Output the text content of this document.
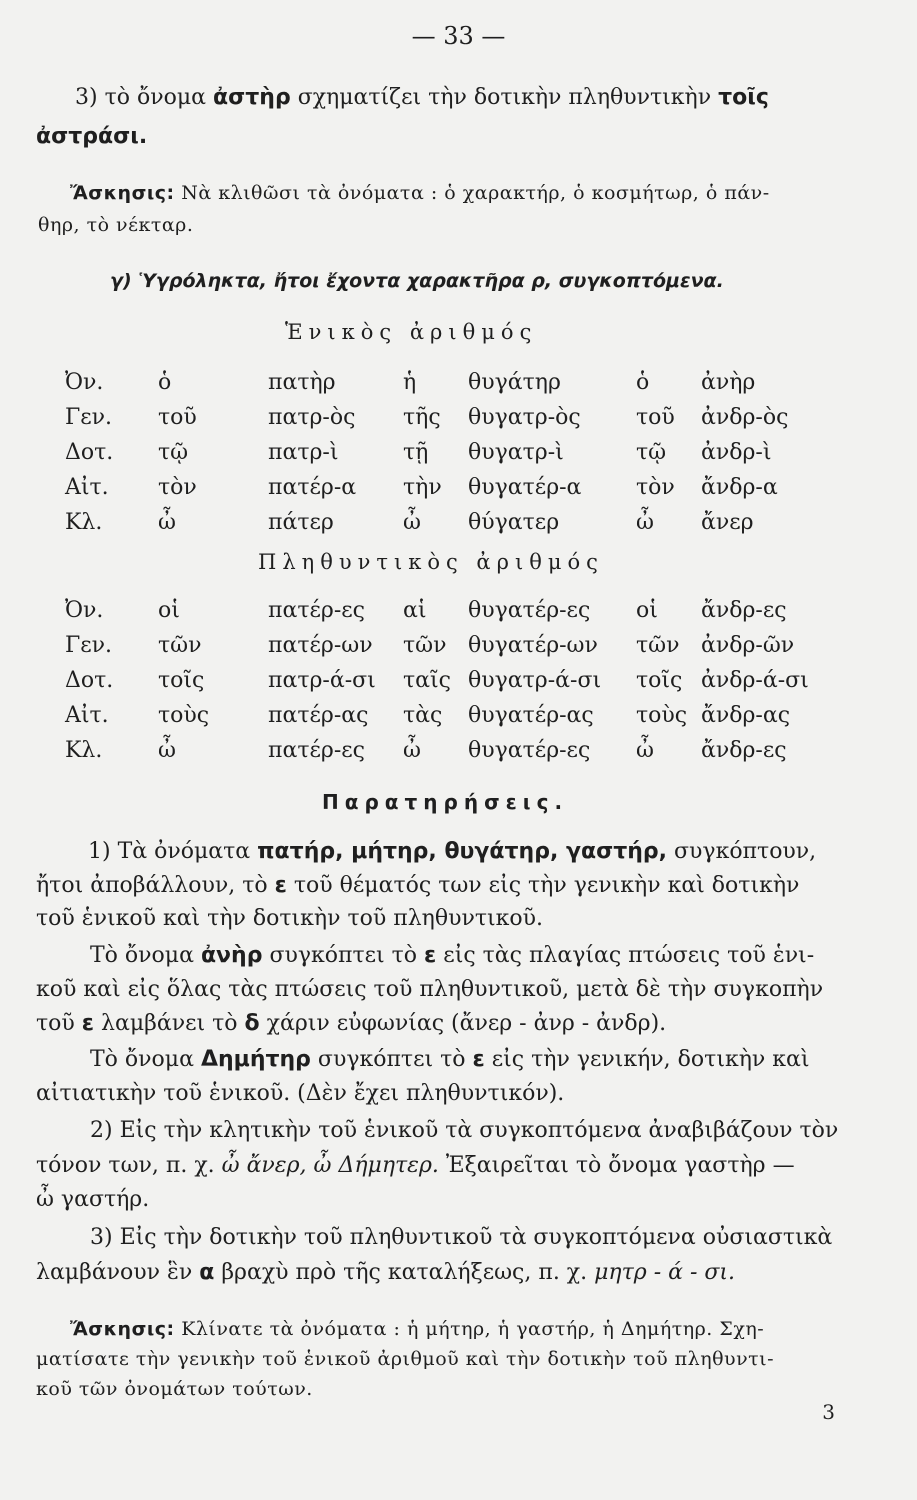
— 33 —
3) τὸ ὄνομα ἀστὴρ σχηματίζει τὴν δοτικὴν πληθυντικὴν τοῖς
ἀστράσι.
Ἄσκησις: Νὰ κλιθῶσι τὰ ὀνόματα : ὁ χαρακτήρ, ὁ κοσμήτωρ, ὁ πάν-
θηρ, τὸ νέκταρ.
γ) Ὑγρόληκτα, ἤτοι ἔχοντα χαρακτῆρα ρ, συγκοπτόμενα.
Ἑνικὸς ἀριθμός
Ὀν.	ὁ	πατὴρ	ἡ	θυγάτηρ	ὁ	ἀνὴρ
Γεν.	τοῦ	πατρ-ὸς	τῆς	θυγατρ-ὸς	τοῦ	ἀνδρ-ὸς
Δοτ.	τῷ	πατρ-ὶ	τῇ	θυγατρ-ὶ	τῷ	ἀνδρ-ὶ
Αἰτ.	τὸν	πατέρ-α	τὴν	θυγατέρ-α	τὸν	ἄνδρ-α
Κλ.	ὦ	πάτερ	ὦ	θύγατερ	ὦ	ἄνερ
Πληθυντικὸς ἀριθμός
Ὀν.	οἱ	πατέρ-ες	αἱ	θυγατέρ-ες	οἱ	ἄνδρ-ες
Γεν.	τῶν	πατέρ-ων	τῶν	θυγατέρ-ων	τῶν	ἀνδρ-ῶν
Δοτ.	τοῖς	πατρ-ά-σι	ταῖς	θυγατρ-ά-σι	τοῖς	ἀνδρ-ά-σι
Αἰτ.	τοὺς	πατέρ-ας	τὰς	θυγατέρ-ας	τοὺς	ἄνδρ-ας
Κλ.	ὦ	πατέρ-ες	ὦ	θυγατέρ-ες	ὦ	ἄνδρ-ες
Παρατηρήσεις.
1) Τὰ ὀνόματα πατήρ, μήτηρ, θυγάτηρ, γαστήρ, συγκόπτουν,
ἤτοι ἀποβάλλουν, τὸ ε τοῦ θέματός των εἰς τὴν γενικὴν καὶ δοτικὴν
τοῦ ἑνικοῦ καὶ τὴν δοτικὴν τοῦ πληθυντικοῦ.
Τὸ ὄνομα ἀνὴρ συγκόπτει τὸ ε εἰς τὰς πλαγίας πτώσεις τοῦ ἑνι-
κοῦ καὶ εἰς ὅλας τὰς πτώσεις τοῦ πληθυντικοῦ, μετὰ δὲ τὴν συγκοπὴν
τοῦ ε λαμβάνει τὸ δ χάριν εὐφωνίας (ἄνερ - ἀνρ - ἀνδρ).
Τὸ ὄνομα Δημήτηρ συγκόπτει τὸ ε εἰς τὴν γενικήν, δοτικὴν καὶ
αἰτιατικὴν τοῦ ἑνικοῦ. (Δὲν ἔχει πληθυντικόν).
2) Εἰς τὴν κλητικὴν τοῦ ἑνικοῦ τὰ συγκοπτόμενα ἀναβιβάζουν τὸν
τόνον των, π. χ. ὦ ἄνερ, ὦ Δήμητερ. Ἐξαιρεῖται τὸ ὄνομα γαστὴρ —
ὦ γαστήρ.
3) Εἰς τὴν δοτικὴν τοῦ πληθυντικοῦ τὰ συγκοπτόμενα οὐσιαστικὰ
λαμβάνουν ἓν α βραχὺ πρὸ τῆς καταλήξεως, π. χ. μητρ - ά - σι.
Ἄσκησις: Κλίνατε τὰ ὀνόματα : ἡ μήτηρ, ἡ γαστήρ, ἡ Δημήτηρ. Σχη-
ματίσατε τὴν γενικὴν τοῦ ἑνικοῦ ἀριθμοῦ καὶ τὴν δοτικὴν τοῦ πληθυντι-
κοῦ τῶν ὀνομάτων τούτων.
3
